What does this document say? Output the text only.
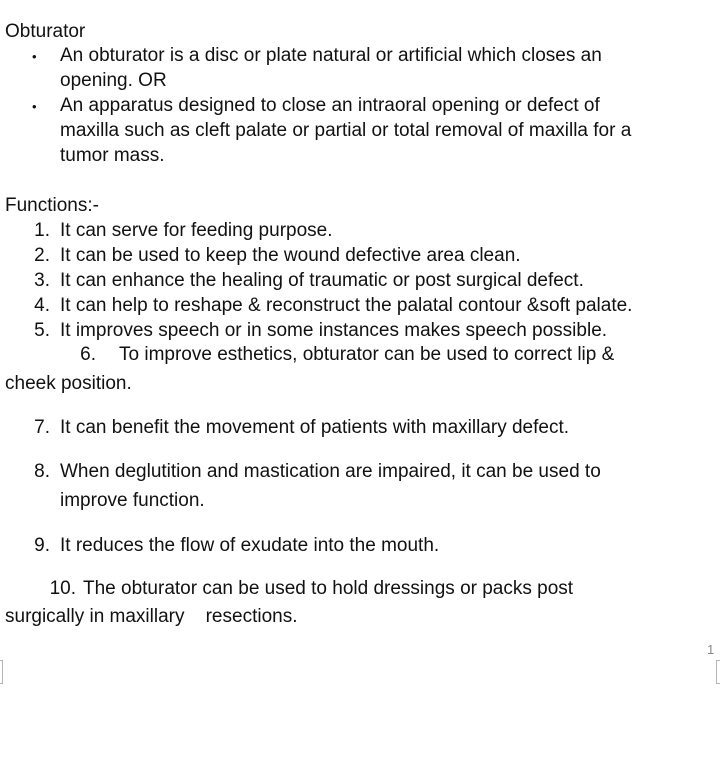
Obturator
• An obturator is a disc or plate natural or artificial which closes an
opening. OR
• An apparatus designed to close an intraoral opening or defect of
maxilla such as cleft palate or partial or total removal of maxilla for a
tumor mass.
Functions:-
1. It can serve for feeding purpose.
2. It can be used to keep the wound defective area clean.
3. It can enhance the healing of traumatic or post surgical defect.
4. It can help to reshape & reconstruct the palatal contour &soft palate.
5. It improves speech or in some instances makes speech possible.
6. To improve esthetics, obturator can be used to correct lip &
cheek position.
7. It can benefit the movement of patients with maxillary defect.
8. When deglutition and mastication are impaired, it can be used to
improve function.
9. It reduces the flow of exudate into the mouth.
10. The obturator can be used to hold dressings or packs post
surgically in maxillary    resections.
1
